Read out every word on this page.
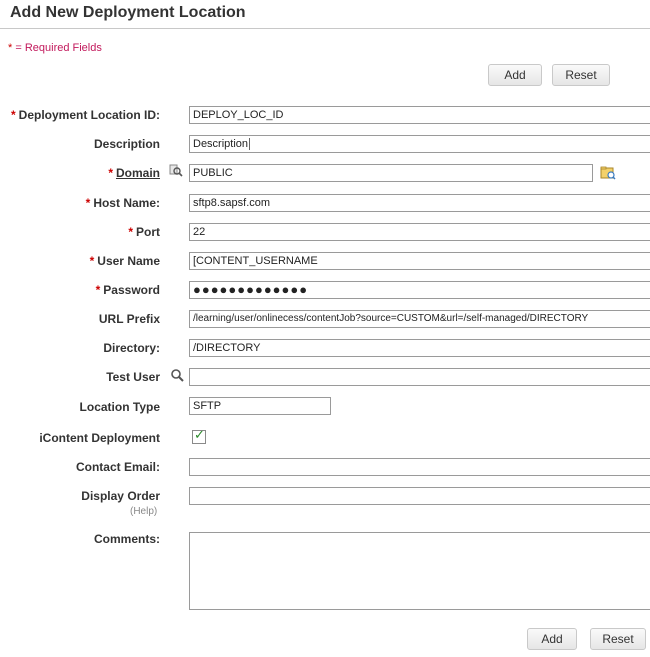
Add New Deployment Location
* = Required Fields
Add	Reset
* Deployment Location ID:	DEPLOY_LOC_ID
Description	Description
* Domain	PUBLIC
* Host Name:	sftp8.sapsf.com
* Port	22
* User Name	[CONTENT_USERNAME
* Password	●●●●●●●●●●●●●
URL Prefix	/learning/user/onlinecess/contentJob?source=CUSTOM&url=/self-managed/DIRECTORY
Directory:	/DIRECTORY
Test User
Location Type	SFTP
iContent Deployment	✓
Contact Email:
Display Order
(Help)
Comments:
Add	Reset
